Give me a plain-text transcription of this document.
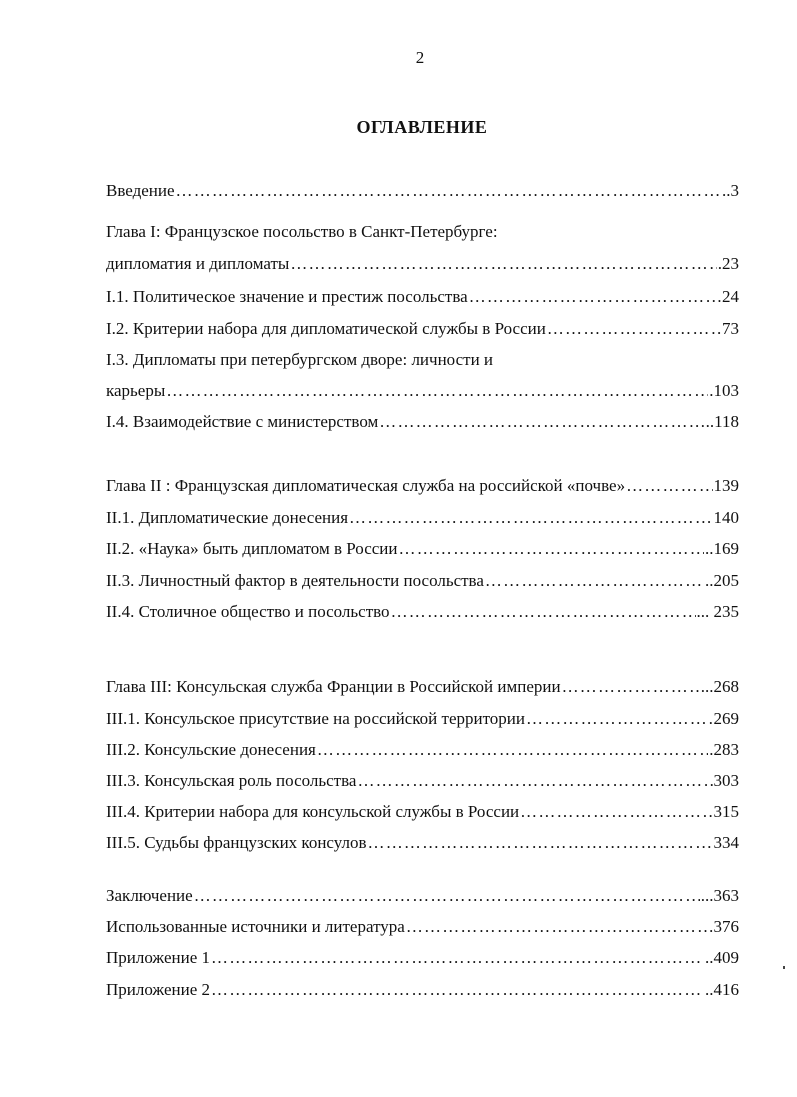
2
ОГЛАВЛЕНИЕ
Введение ……………………………………………………………………………………………………………………………………………………	..3
Глава I: Французское посольство в Санкт-Петербурге:
дипломатия и дипломаты ……………………………………………………………………………………………………………………………………………………	.23
I.1. Политическое значение и престиж посольства ……………………………………………………………………………………………………………………………………………………	24
I.2. Критерии набора для дипломатической службы в России ……………………………………………………………………………………………………………………………………………………	73
I.3. Дипломаты при петербургском дворе: личности и
карьеры ……………………………………………………………………………………………………………………………………………………	.103
I.4. Взаимодействие с министерством ……………………………………………………………………………………………………………………………………………………	..118
Глава II : Французская дипломатическая служба на российской «почве» ……………………………………………………………………………………………………………………………………………………	139
II.1. Дипломатические донесения ……………………………………………………………………………………………………………………………………………………	140
II.2. «Наука» быть дипломатом в России ……………………………………………………………………………………………………………………………………………………	..169
II.3. Личностный фактор в деятельности посольства ……………………………………………………………………………………………………………………………………………………	..205
II.4. Столичное общество и посольство ……………………………………………………………………………………………………………………………………………………	... 235
Глава III: Консульская служба Франции в Российской империи ……………………………………………………………………………………………………………………………………………………	...268
III.1. Консульское присутствие на российской территории ……………………………………………………………………………………………………………………………………………………	269
III.2. Консульские донесения ……………………………………………………………………………………………………………………………………………………	.283
III.3. Консульская роль посольства ……………………………………………………………………………………………………………………………………………………	303
III.4. Критерии набора для консульской службы в России ……………………………………………………………………………………………………………………………………………………	315
III.5. Судьбы французских консулов ……………………………………………………………………………………………………………………………………………………	334
Заключение ……………………………………………………………………………………………………………………………………………………	...363
Использованные источники и литература ……………………………………………………………………………………………………………………………………………………	376
Приложение 1 ……………………………………………………………………………………………………………………………………………………	..409
Приложение 2 ……………………………………………………………………………………………………………………………………………………	..416
